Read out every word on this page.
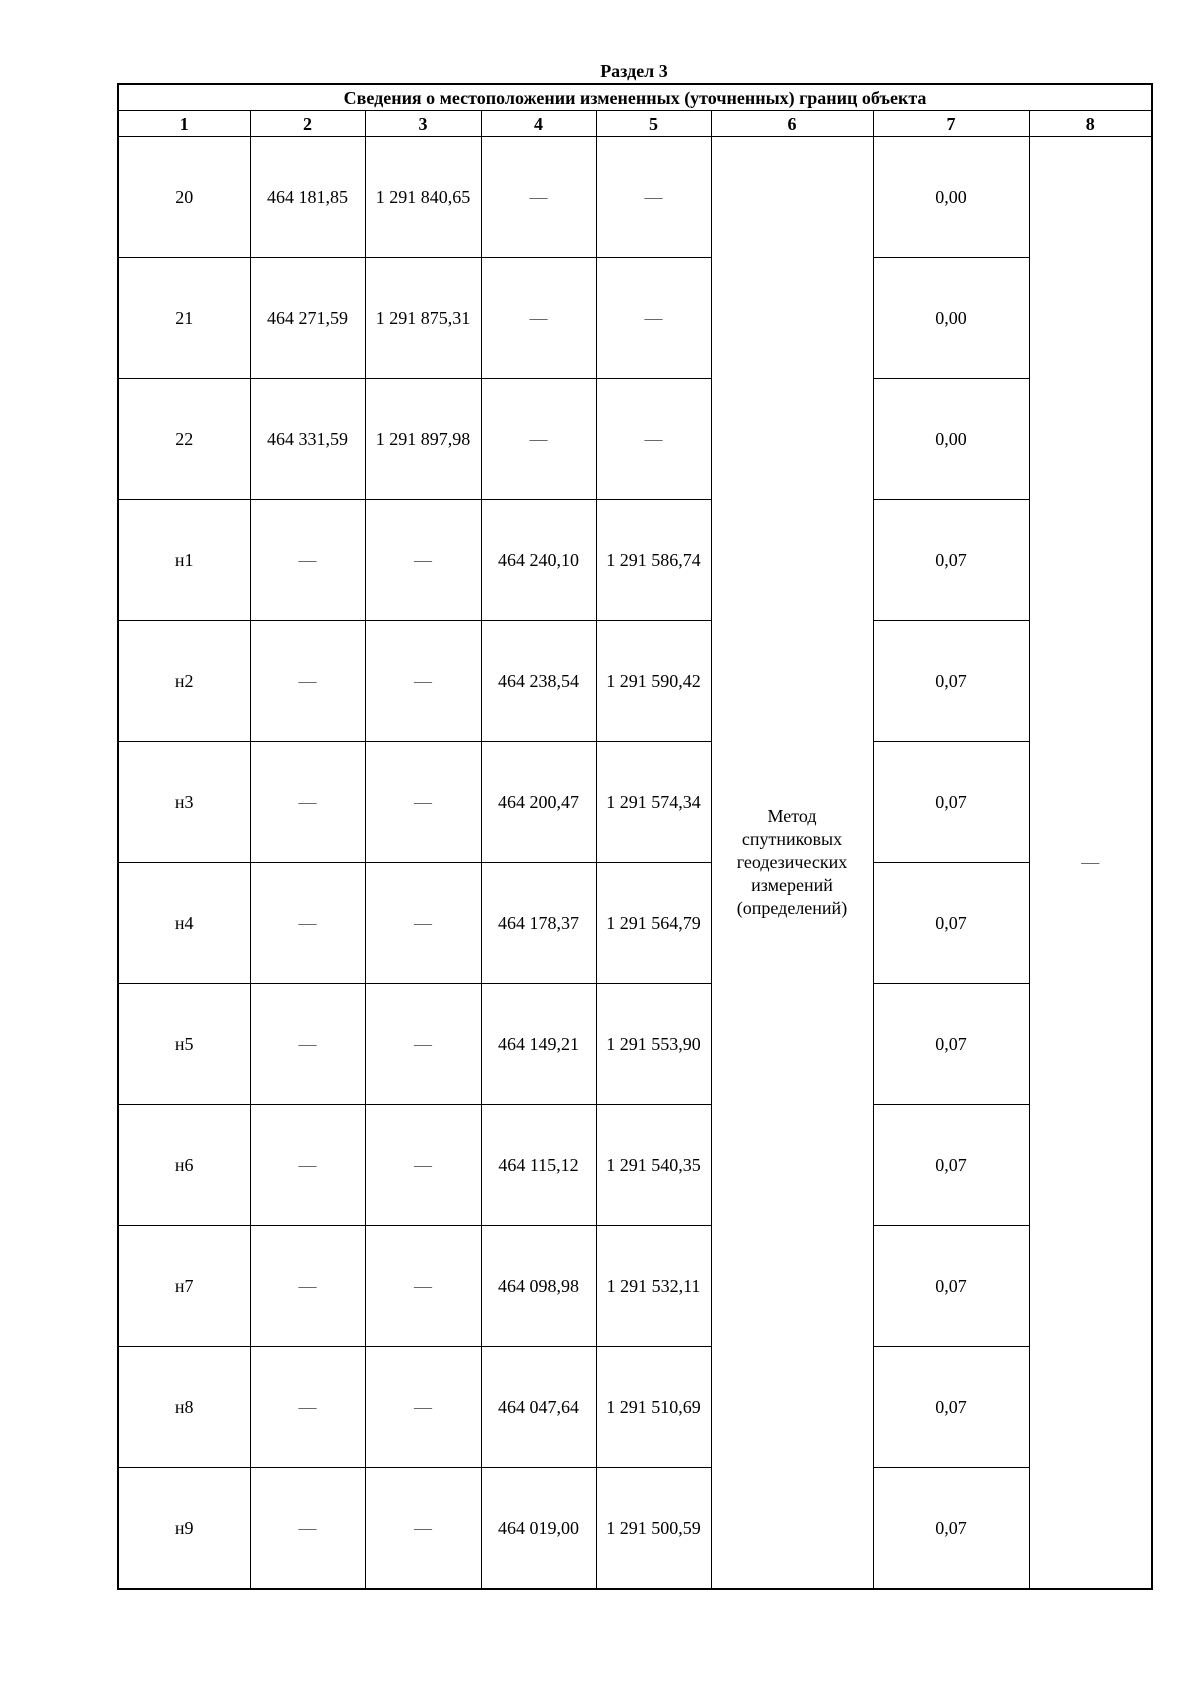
Раздел 3
Сведения о местоположении измененных (уточненных) границ объекта							
1	2	3	4	5	6	7	8
20	464 181,85	1 291 840,65	—	—	Метод спутниковых геодезических измерений (определений)	0,00	—
21	464 271,59	1 291 875,31	—	—		0,00	
22	464 331,59	1 291 897,98	—	—		0,00	
н1	—	—	464 240,10	1 291 586,74		0,07	
н2	—	—	464 238,54	1 291 590,42		0,07	
н3	—	—	464 200,47	1 291 574,34		0,07	
н4	—	—	464 178,37	1 291 564,79		0,07	
н5	—	—	464 149,21	1 291 553,90		0,07	
н6	—	—	464 115,12	1 291 540,35		0,07	
н7	—	—	464 098,98	1 291 532,11		0,07	
н8	—	—	464 047,64	1 291 510,69		0,07	
н9	—	—	464 019,00	1 291 500,59		0,07	
